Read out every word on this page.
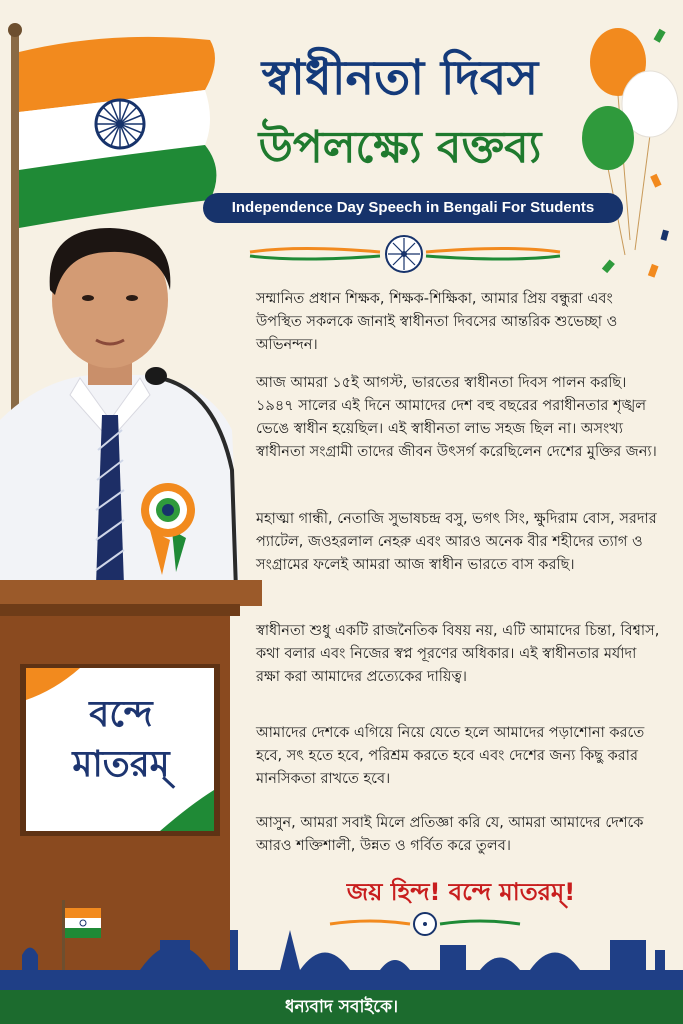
স্বাধীনতা দিবস
উপলক্ষ্যে বক্তব্য
Independence Day Speech in Bengali For Students

সম্মানিত প্রধান শিক্ষক, শিক্ষক-শিক্ষিকা, আমার প্রিয় বন্ধুরা এবং উপস্থিত সকলকে জানাই স্বাধীনতা দিবসের আন্তরিক শুভেচ্ছা ও অভিনন্দন।

আজ আমরা ১৫ই আগস্ট, ভারতের স্বাধীনতা দিবস পালন করছি। ১৯৪৭ সালের এই দিনে আমাদের দেশ বহু বছরের পরাধীনতার শৃঙ্খল ভেঙে স্বাধীন হয়েছিল। এই স্বাধীনতা লাভ সহজ ছিল না। অসংখ্য স্বাধীনতা সংগ্রামী তাদের জীবন উৎসর্গ করেছিলেন দেশের মুক্তির জন্য।

মহাত্মা গান্ধী, নেতাজি সুভাষচন্দ্র বসু, ভগৎ সিং, ক্ষুদিরাম বোস, সরদার প্যাটেল, জওহরলাল নেহরু এবং আরও অনেক বীর শহীদের ত্যাগ ও সংগ্রামের ফলেই আমরা আজ স্বাধীন ভারতে বাস করছি।

স্বাধীনতা শুধু একটি রাজনৈতিক বিষয় নয়, এটি আমাদের চিন্তা, বিশ্বাস, কথা বলার এবং নিজের স্বপ্ন পূরণের অধিকার। এই স্বাধীনতার মর্যাদা রক্ষা করা আমাদের প্রত্যেকের দায়িত্ব।

আমাদের দেশকে এগিয়ে নিয়ে যেতে হলে আমাদের পড়াশোনা করতে হবে, সৎ হতে হবে, পরিশ্রম করতে হবে এবং দেশের জন্য কিছু করার মানসিকতা রাখতে হবে।

আসুন, আমরা সবাই মিলে প্রতিজ্ঞা করি যে, আমরা আমাদের দেশকে আরও শক্তিশালী, উন্নত ও গর্বিত করে তুলব।

জয় হিন্দ! বন্দে মাতরম্!
বন্দে
মাতরম্
ধন্যবাদ সবাইকে।
